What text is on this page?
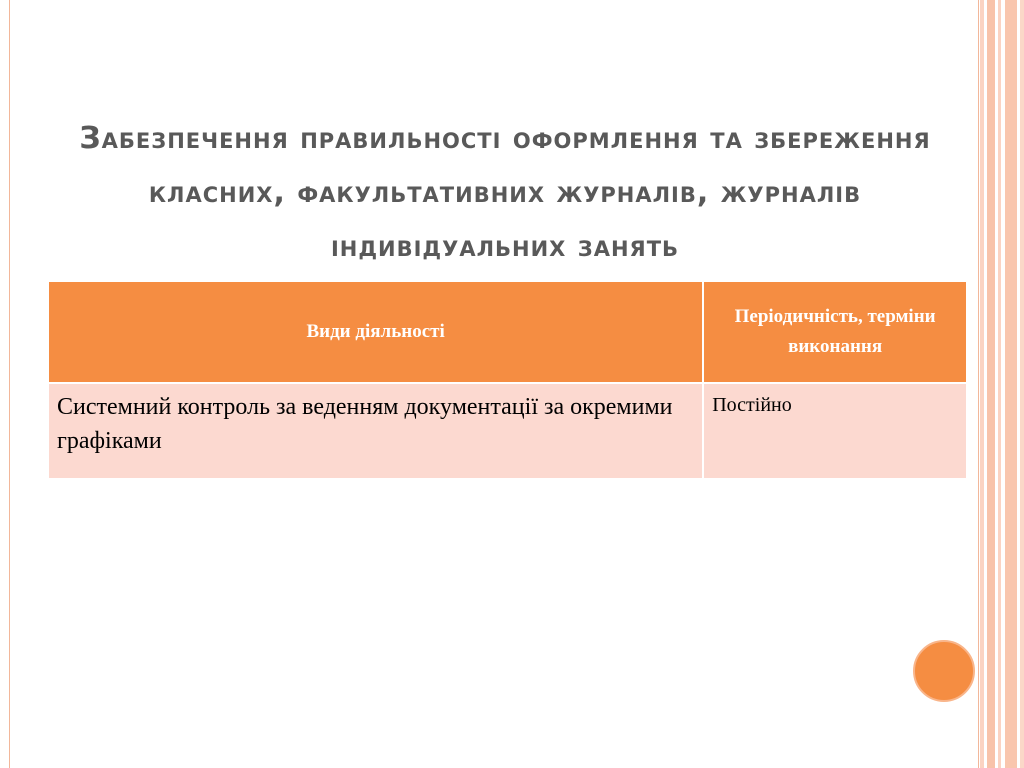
Забезпечення правильності оформлення та збереження класних, факультативних журналів, журналів індивідуальних занять
Види діяльності	Періодичність, терміни виконання
Системний контроль за веденням документації за окремими графіками	Постійно
